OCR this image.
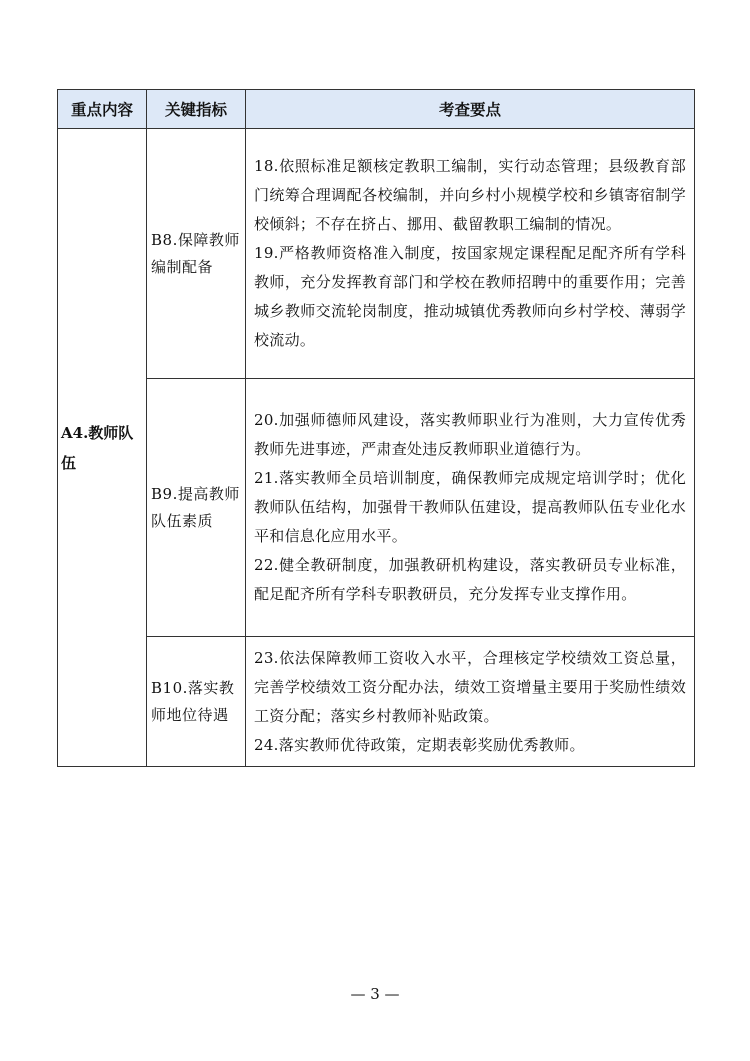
重点内容	关键指标	考查要点
A4.教师队伍	B8.保障教师编制配备	18.依照标准足额核定教职工编制，实行动态管理；县级教育部门统筹合理调配各校编制，并向乡村小规模学校和乡镇寄宿制学校倾斜；不存在挤占、挪用、截留教职工编制的情况。
19.严格教师资格准入制度，按国家规定课程配足配齐所有学科教师，充分发挥教育部门和学校在教师招聘中的重要作用；完善城乡教师交流轮岗制度，推动城镇优秀教师向乡村学校、薄弱学校流动。

	B9.提高教师队伍素质	20.加强师德师风建设，落实教师职业行为准则，大力宣传优秀教师先进事迹，严肃查处违反教师职业道德行为。
21.落实教师全员培训制度，确保教师完成规定培训学时；优化教师队伍结构，加强骨干教师队伍建设，提高教师队伍专业化水平和信息化应用水平。
22.健全教研制度，加强教研机构建设，落实教研员专业标准，配足配齐所有学科专职教研员，充分发挥专业支撑作用。

	B10.落实教师地位待遇	23.依法保障教师工资收入水平，合理核定学校绩效工资总量，完善学校绩效工资分配办法，绩效工资增量主要用于奖励性绩效工资分配；落实乡村教师补贴政策。
24.落实教师优待政策，定期表彰奖励优秀教师。
— 3 —
